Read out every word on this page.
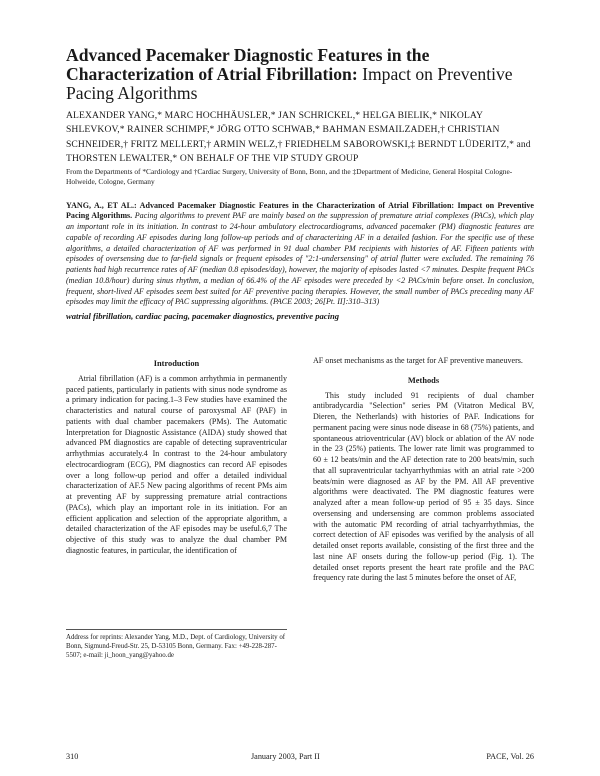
Advanced Pacemaker Diagnostic Features in the Characterization of Atrial Fibrillation: Impact on Preventive Pacing Algorithms

ALEXANDER YANG,* MARC HOCHHÄUSLER,* JAN SCHRICKEL,* HELGA BIELIK,* NIKOLAY SHLEVKOV,* RAINER SCHIMPF,* JÖRG OTTO SCHWAB,* BAHMAN ESMAILZADEH,† CHRISTIAN SCHNEIDER,† FRITZ MELLERT,† ARMIN WELZ,† FRIEDHELM SABOROWSKI,‡ BERNDT LÜDERITZ,* and THORSTEN LEWALTER,* ON BEHALF OF THE VIP STUDY GROUP

From the Departments of *Cardiology and †Cardiac Surgery, University of Bonn, Bonn, and the ‡Department of Medicine, General Hospital Cologne-Holweide, Cologne, Germany

YANG, A., ET AL.: Advanced Pacemaker Diagnostic Features in the Characterization of Atrial Fibrillation: Impact on Preventive Pacing Algorithms. Pacing algorithms to prevent PAF are mainly based on the suppression of premature atrial complexes (PACs), which play an important role in its initiation. In contrast to 24-hour ambulatory electrocardiograms, advanced pacemaker (PM) diagnostic features are capable of recording AF episodes during long follow-up periods and of characterizing AF in a detailed fashion. For the specific use of these algorithms, a detailed characterization of AF was performed in 91 dual chamber PM recipients with histories of AF. Fifteen patients with episodes of oversensing due to far-field signals or frequent episodes of "2:1-undersensing" of atrial flutter were excluded. The remaining 76 patients had high recurrence rates of AF (median 0.8 episodes/day), however, the majority of episodes lasted <7 minutes. Despite frequent PACs (median 10.8/hour) during sinus rhythm, a median of 66.4% of the AF episodes were preceded by <2 PACs/min before onset. In conclusion, frequent, short-lived AF episodes seem best suited for AF preventive pacing therapies. However, the small number of PACs preceding many AF episodes may limit the efficacy of PAC suppressing algorithms. (PACE 2003; 26[Pt. II]:310–313)

watrial fibrillation, cardiac pacing, pacemaker diagnostics, preventive pacing

Introduction

Atrial fibrillation (AF) is a common arrhythmia in permanently paced patients, particularly in patients with sinus node syndrome as a primary indication for pacing.1–3 Few studies have examined the characteristics and natural course of paroxysmal AF (PAF) in patients with dual chamber pacemakers (PMs). The Automatic Interpretation for Diagnostic Assistance (AIDA) study showed that advanced PM diagnostics are capable of detecting supraventricular arrhythmias accurately.4 In contrast to the 24-hour ambulatory electrocardiogram (ECG), PM diagnostics can record AF episodes over a long follow-up period and offer a detailed individual characterization of AF.5 New pacing algorithms of recent PMs aim at preventing AF by suppressing premature atrial contractions (PACs), which play an important role in its initiation. For an efficient application and selection of the appropriate algorithm, a detailed characterization of the AF episodes may be useful.6,7 The objective of this study was to analyze the dual chamber PM diagnostic features, in particular, the identification of

Address for reprints: Alexander Yang, M.D., Dept. of Cardiology, University of Bonn, Sigmund-Freud-Str. 25, D-53105 Bonn, Germany. Fax: +49-228-287-5507; e-mail: ji_hoon_yang@yahoo.de

AF onset mechanisms as the target for AF preventive maneuvers.

Methods

This study included 91 recipients of dual chamber antibradycardia "Selection" series PM (Vitatron Medical BV, Dieren, the Netherlands) with histories of PAF. Indications for permanent pacing were sinus node disease in 68 (75%) patients, and spontaneous atrioventricular (AV) block or ablation of the AV node in the 23 (25%) patients. The lower rate limit was programmed to 60 ± 12 beats/min and the AF detection rate to 200 beats/min, such that all supraventricular tachyarrhythmias with an atrial rate >200 beats/min were diagnosed as AF by the PM. All AF preventive algorithms were deactivated. The PM diagnostic features were analyzed after a mean follow-up period of 95 ± 35 days. Since oversensing and undersensing are common problems associated with the automatic PM recording of atrial tachyarrhythmias, the correct detection of AF episodes was verified by the analysis of all detailed onset reports available, consisting of the first three and the last nine AF onsets during the follow-up period (Fig. 1). The detailed onset reports present the heart rate profile and the PAC frequency rate during the last 5 minutes before the onset of AF,

310	January 2003, Part II	PACE, Vol. 26
